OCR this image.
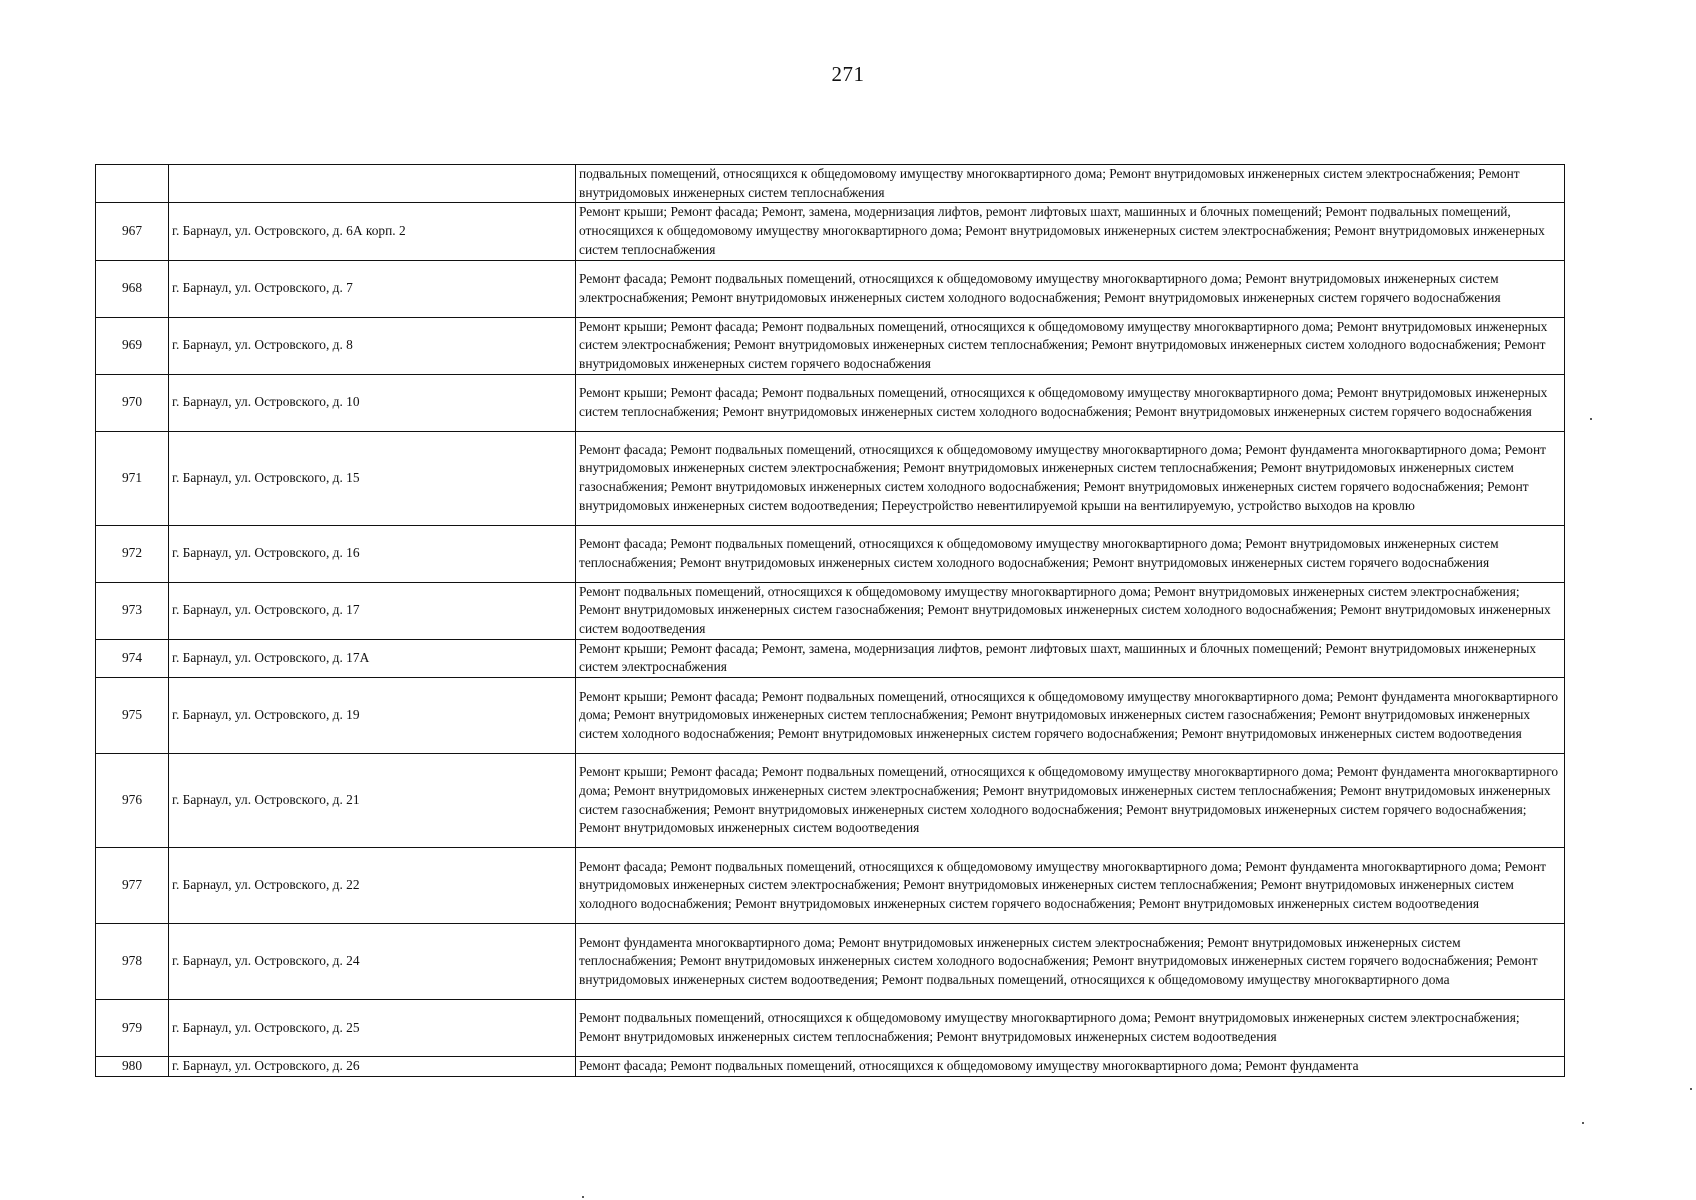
271
		подвальных помещений, относящихся к общедомовому имуществу многоквартирного дома; Ремонт внутридомовых инженерных систем электроснабжения; Ремонт внутридомовых инженерных систем теплоснабжения
967	г. Барнаул, ул. Островского, д. 6А корп. 2	Ремонт крыши; Ремонт фасада; Ремонт, замена, модернизация лифтов, ремонт лифтовых шахт, машинных и блочных помещений; Ремонт подвальных помещений, относящихся к общедомовому имуществу многоквартирного дома; Ремонт внутридомовых инженерных систем электроснабжения; Ремонт внутридомовых инженерных систем теплоснабжения
968	г. Барнаул, ул. Островского, д. 7	Ремонт фасада; Ремонт подвальных помещений, относящихся к общедомовому имуществу многоквартирного дома; Ремонт внутридомовых инженерных систем электроснабжения; Ремонт внутридомовых инженерных систем холодного водоснабжения; Ремонт внутридомовых инженерных систем горячего водоснабжения
969	г. Барнаул, ул. Островского, д. 8	Ремонт крыши; Ремонт фасада; Ремонт подвальных помещений, относящихся к общедомовому имуществу многоквартирного дома; Ремонт внутридомовых инженерных систем электроснабжения; Ремонт внутридомовых инженерных систем теплоснабжения; Ремонт внутридомовых инженерных систем холодного водоснабжения; Ремонт внутридомовых инженерных систем горячего водоснабжения
970	г. Барнаул, ул. Островского, д. 10	Ремонт крыши; Ремонт фасада; Ремонт подвальных помещений, относящихся к общедомовому имуществу многоквартирного дома; Ремонт внутридомовых инженерных систем теплоснабжения; Ремонт внутридомовых инженерных систем холодного водоснабжения; Ремонт внутридомовых инженерных систем горячего водоснабжения
971	г. Барнаул, ул. Островского, д. 15	Ремонт фасада; Ремонт подвальных помещений, относящихся к общедомовому имуществу многоквартирного дома; Ремонт фундамента многоквартирного дома; Ремонт внутридомовых инженерных систем электроснабжения; Ремонт внутридомовых инженерных систем теплоснабжения; Ремонт внутридомовых инженерных систем газоснабжения; Ремонт внутридомовых инженерных систем холодного водоснабжения; Ремонт внутридомовых инженерных систем горячего водоснабжения; Ремонт внутридомовых инженерных систем водоотведения; Переустройство невентилируемой крыши на вентилируемую, устройство выходов на кровлю
972	г. Барнаул, ул. Островского, д. 16	Ремонт фасада; Ремонт подвальных помещений, относящихся к общедомовому имуществу многоквартирного дома; Ремонт внутридомовых инженерных систем теплоснабжения; Ремонт внутридомовых инженерных систем холодного водоснабжения; Ремонт внутридомовых инженерных систем горячего водоснабжения
973	г. Барнаул, ул. Островского, д. 17	Ремонт подвальных помещений, относящихся к общедомовому имуществу многоквартирного дома; Ремонт внутридомовых инженерных систем электроснабжения; Ремонт внутридомовых инженерных систем газоснабжения; Ремонт внутридомовых инженерных систем холодного водоснабжения; Ремонт внутридомовых инженерных систем водоотведения
974	г. Барнаул, ул. Островского, д. 17А	Ремонт крыши; Ремонт фасада; Ремонт, замена, модернизация лифтов, ремонт лифтовых шахт, машинных и блочных помещений; Ремонт внутридомовых инженерных систем электроснабжения
975	г. Барнаул, ул. Островского, д. 19	Ремонт крыши; Ремонт фасада; Ремонт подвальных помещений, относящихся к общедомовому имуществу многоквартирного дома; Ремонт фундамента многоквартирного дома; Ремонт внутридомовых инженерных систем теплоснабжения; Ремонт внутридомовых инженерных систем газоснабжения; Ремонт внутридомовых инженерных систем холодного водоснабжения; Ремонт внутридомовых инженерных систем горячего водоснабжения; Ремонт внутридомовых инженерных систем водоотведения
976	г. Барнаул, ул. Островского, д. 21	Ремонт крыши; Ремонт фасада; Ремонт подвальных помещений, относящихся к общедомовому имуществу многоквартирного дома; Ремонт фундамента многоквартирного дома; Ремонт внутридомовых инженерных систем электроснабжения; Ремонт внутридомовых инженерных систем теплоснабжения; Ремонт внутридомовых инженерных систем газоснабжения; Ремонт внутридомовых инженерных систем холодного водоснабжения; Ремонт внутридомовых инженерных систем горячего водоснабжения; Ремонт внутридомовых инженерных систем водоотведения
977	г. Барнаул, ул. Островского, д. 22	Ремонт фасада; Ремонт подвальных помещений, относящихся к общедомовому имуществу многоквартирного дома; Ремонт фундамента многоквартирного дома; Ремонт внутридомовых инженерных систем электроснабжения; Ремонт внутридомовых инженерных систем теплоснабжения; Ремонт внутридомовых инженерных систем холодного водоснабжения; Ремонт внутридомовых инженерных систем горячего водоснабжения; Ремонт внутридомовых инженерных систем водоотведения
978	г. Барнаул, ул. Островского, д. 24	Ремонт фундамента многоквартирного дома; Ремонт внутридомовых инженерных систем электроснабжения; Ремонт внутридомовых инженерных систем теплоснабжения; Ремонт внутридомовых инженерных систем холодного водоснабжения; Ремонт внутридомовых инженерных систем горячего водоснабжения; Ремонт внутридомовых инженерных систем водоотведения; Ремонт подвальных помещений, относящихся к общедомовому имуществу многоквартирного дома
979	г. Барнаул, ул. Островского, д. 25	Ремонт подвальных помещений, относящихся к общедомовому имуществу многоквартирного дома; Ремонт внутридомовых инженерных систем электроснабжения; Ремонт внутридомовых инженерных систем теплоснабжения; Ремонт внутридомовых инженерных систем водоотведения
980	г. Барнаул, ул. Островского, д. 26	Ремонт фасада; Ремонт подвальных помещений, относящихся к общедомовому имуществу многоквартирного дома; Ремонт фундамента
